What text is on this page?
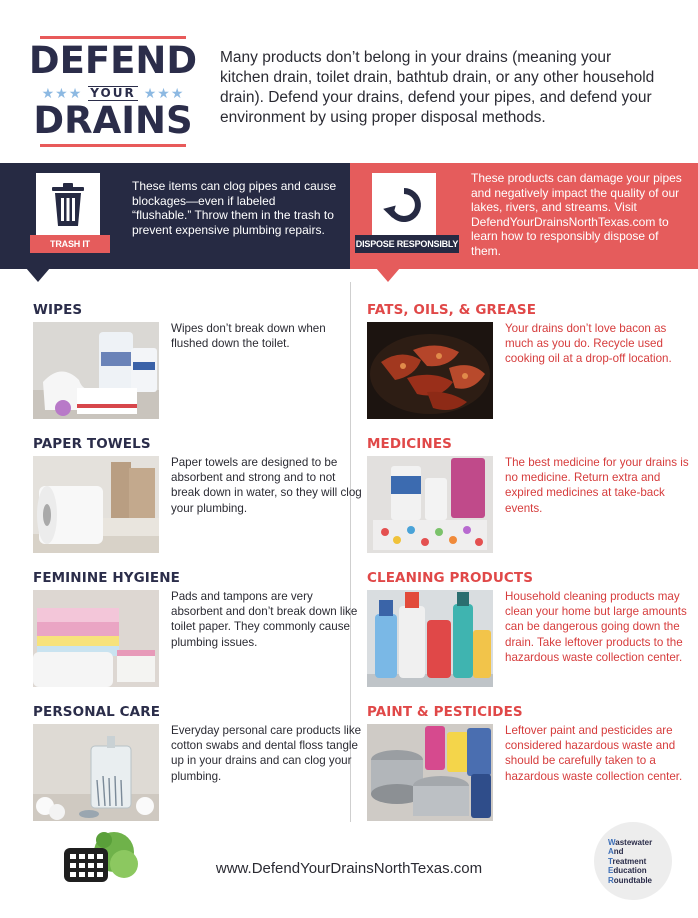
DEFEND
★★★ YOUR ★★★
DRAINS

Many products don’t belong in your drains (meaning your kitchen drain, toilet drain, bathtub drain, or any other household drain). Defend your drains, defend your pipes, and defend your environment by using proper disposal methods.

TRASH IT

These items can clog pipes and cause blockages—even if labeled “flushable.” Throw them in the trash to prevent expensive plumbing repairs.

DISPOSE RESPONSIBLY

These products can damage your pipes and negatively impact the quality of our lakes, rivers, and streams. Visit DefendYourDrainsNorthTexas.com to learn how to responsibly dispose of them.

WIPES

Wipes don’t break down when flushed down the toilet.

PAPER TOWELS

Paper towels are designed to be absorbent and strong and to not break down in water, so they will clog your plumbing.

FEMININE HYGIENE

Pads and tampons are very absorbent and don’t break down like toilet paper. They commonly cause plumbing issues.

PERSONAL CARE

Everyday personal care products like cotton swabs and dental floss tangle up in your drains and can clog your plumbing.

FATS, OILS, & GREASE

Your drains don’t love bacon as much as you do. Recycle used cooking oil at a drop-off location.

MEDICINES

The best medicine for your drains is no medicine. Return extra and expired medicines at take-back events.

CLEANING PRODUCTS

Household cleaning products may clean your home but large amounts can be dangerous going down the drain. Take leftover products to the hazardous waste collection center.

PAINT & PESTICIDES

Leftover paint and pesticides are considered hazardous waste and should be carefully taken to a hazardous waste collection center.

www.DefendYourDrainsNorthTexas.com
Wastewater
And
Treatment
Education
Roundtable
